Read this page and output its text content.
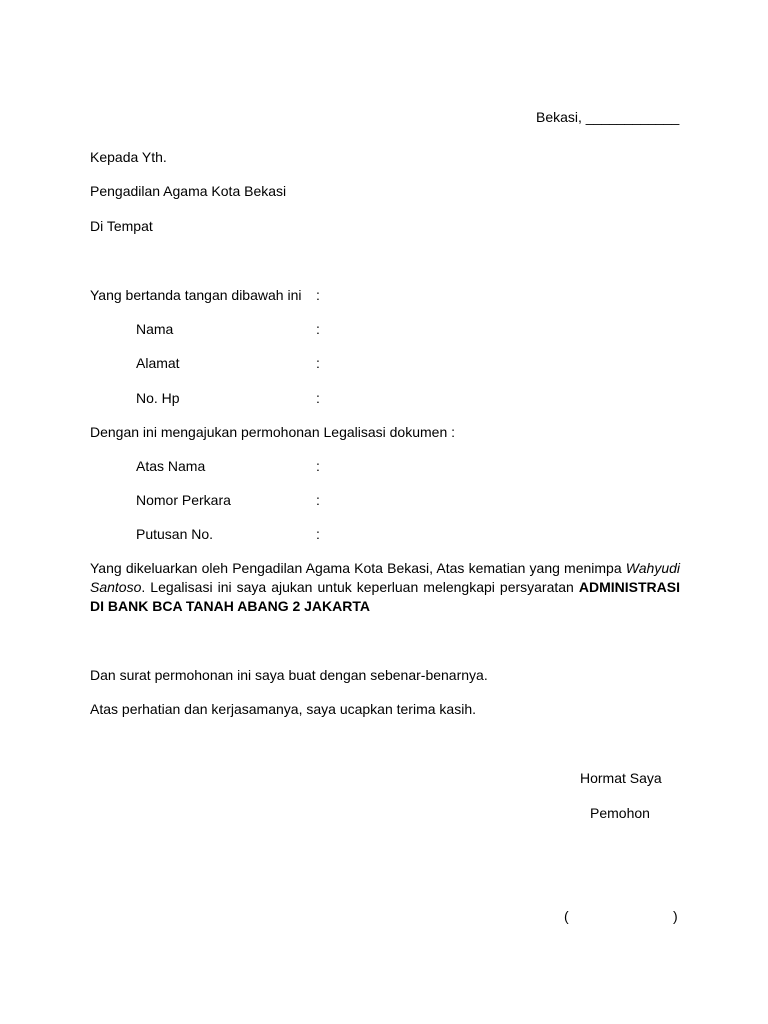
Bekasi, ____________
Kepada Yth.
Pengadilan Agama Kota Bekasi
Di Tempat
Yang bertanda tangan dibawah ini :
Nama	:
Alamat	:
No. Hp	:
Dengan ini mengajukan permohonan Legalisasi dokumen :
Atas Nama	:
Nomor Perkara	:
Putusan No.	:
Yang dikeluarkan oleh Pengadilan Agama Kota Bekasi, Atas kematian yang menimpa Wahyudi Santoso. Legalisasi ini saya ajukan untuk keperluan melengkapi persyaratan ADMINISTRASI DI BANK BCA TANAH ABANG 2 JAKARTA
Dan surat permohonan ini saya buat dengan sebenar-benarnya.
Atas perhatian dan kerjasamanya, saya ucapkan terima kasih.
Hormat Saya
Pemohon
(	)
